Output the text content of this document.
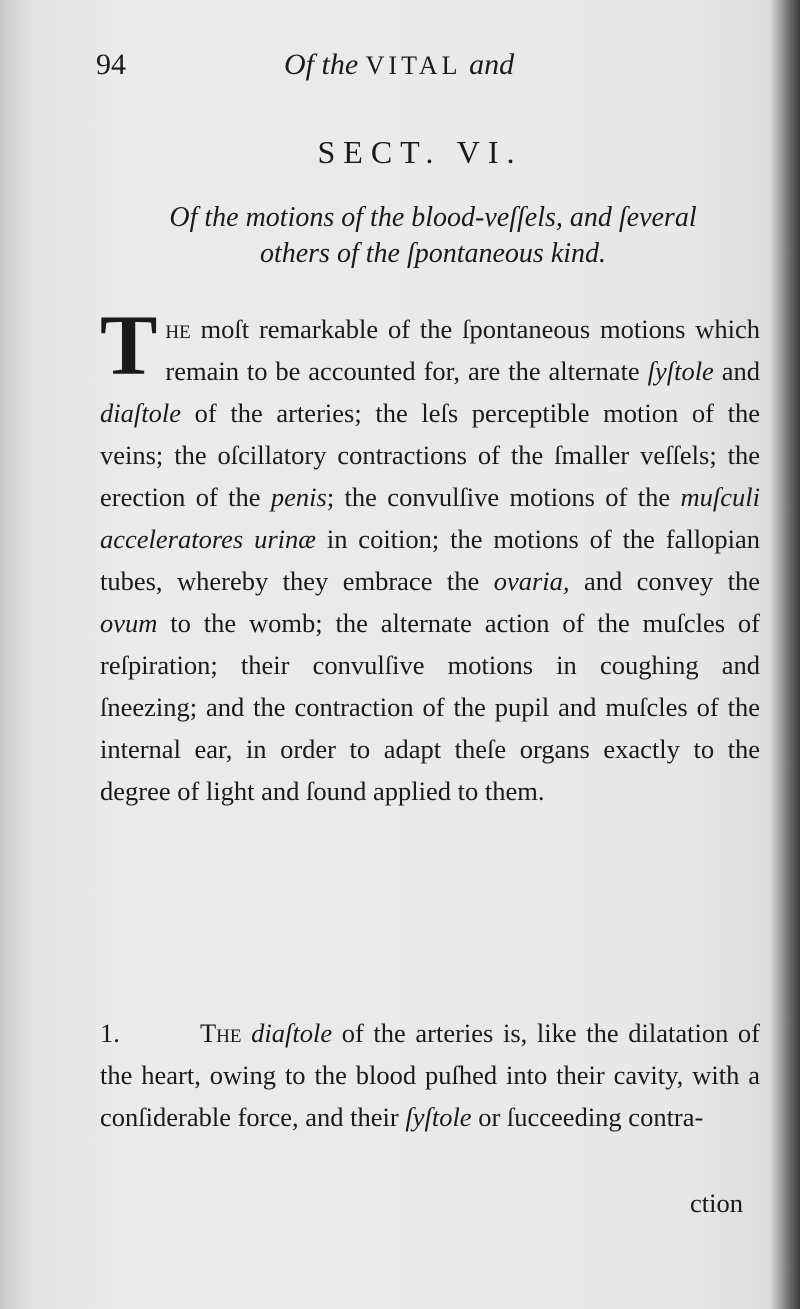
94	Of the VITAL and
SECT. VI.
Of the motions of the blood-veſſels, and ſeveral
others of the ſpontaneous kind.
The moſt remarkable of the ſpontaneous motions which remain to be accounted for, are the alternate ſyſtole and diaſtole of the arteries; the leſs perceptible motion of the veins; the oſcillatory contractions of the ſmaller veſſels; the erection of the penis; the convulſive motions of the muſculi acceleratores urinæ in coition; the motions of the fallopian tubes, whereby they embrace the ovaria, and convey the ovum to the womb; the alternate action of the muſcles of reſpiration; their convulſive motions in coughing and ſneezing; and the contraction of the pupil and muſcles of the internal ear, in order to adapt theſe organs exactly to the degree of light and ſound applied to them.
1.	The diaſtole of the arteries is, like the dilatation of the heart, owing to the blood puſhed into their cavity, with a conſiderable force, and their ſyſtole or ſucceeding contra-
ction
